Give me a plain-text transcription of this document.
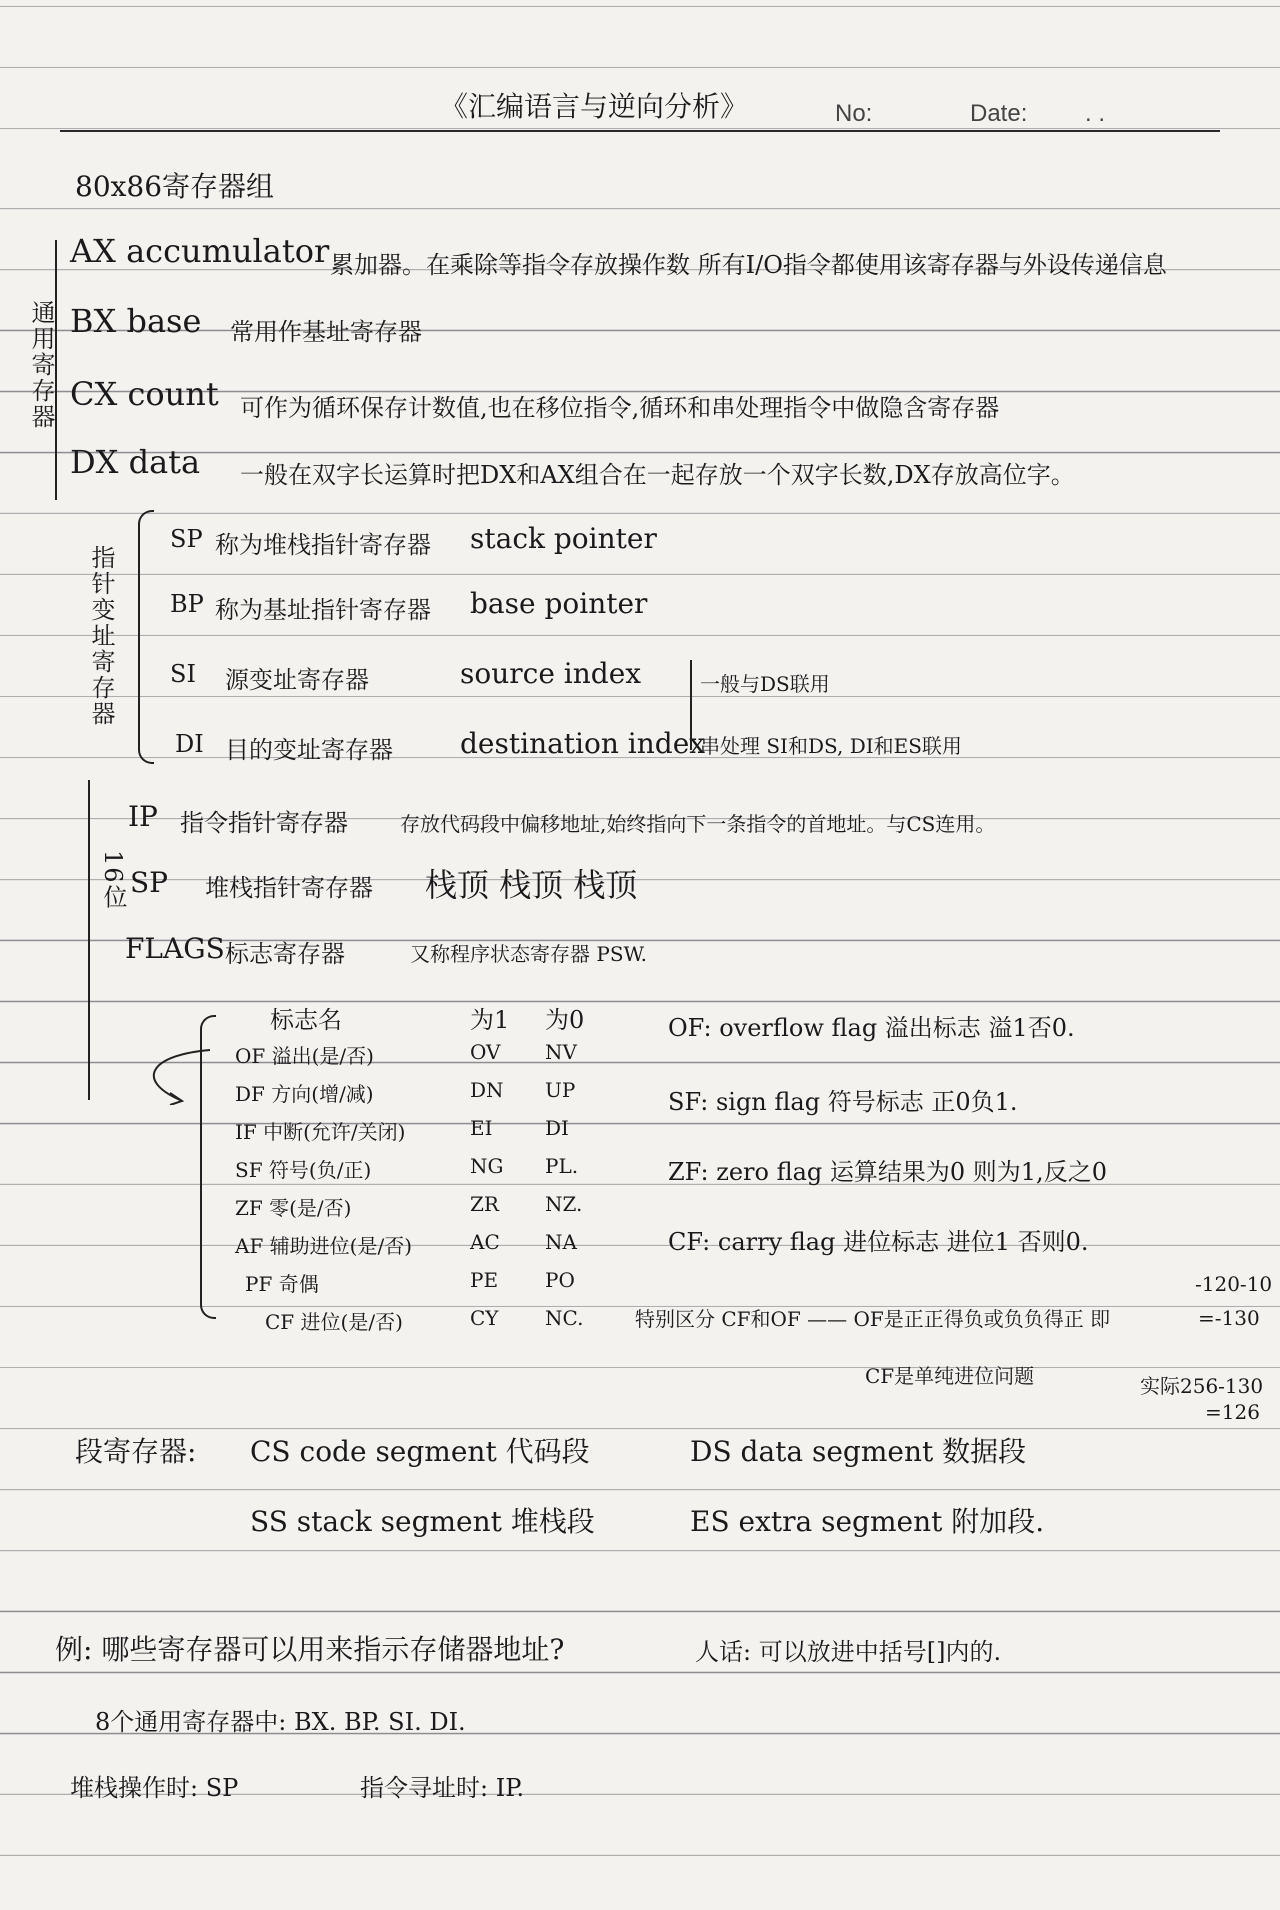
《汇编语言与逆向分析》	No:	Date: . .
80x86寄存器组
通用寄存器
AX accumulator 累加器。在乘除等指令存放操作数 所有I/O指令都使用该寄存器与外设传递信息
BX base 常用作基址寄存器
CX count 可作为循环保存计数值,也在移位指令,循环和串处理指令中做隐含寄存器
DX data 一般在双字长运算时把DX和AX组合在一起存放一个双字长数,DX存放高位字。
指针变址寄存器
SP 称为堆栈指针寄存器 stack pointer
BP 称为基址指针寄存器 base pointer
SI 源变址寄存器	source index
DI 目的变址寄存器 destination index
一般与DS联用
串处理 SI和DS, DI和ES联用
16位
IP 指令指针寄存器	存放代码段中偏移地址,始终指向下一条指令的首地址。与CS连用。
SP 堆栈指针寄存器 栈顶 栈顶 栈顶
FLAGS 标志寄存器	又称程序状态寄存器 PSW.
标志名	为1 为0
OF 溢出(是/否)	OV NV
DF 方向(增/减)	DN UP
IF 中断(允许/关闭)	EI	DI
SF 符号(负/正)	NG PL.
ZF 零(是/否)	ZR NZ.
AF 辅助进位(是/否)	AC NA
PF 奇偶	PE PO
CF 进位(是/否)	CY NC.
OF: overflow flag 溢出标志 溢1否0.
SF: sign flag 符号标志 正0负1.
ZF: zero flag 运算结果为0 则为1,反之0
CF: carry flag 进位标志 进位1 否则0.
特别区分 CF和OF —— OF是正正得负或负负得正 即
CF是单纯进位问题
-120-10
=-130
实际256-130
=126
段寄存器: CS code segment 代码段	DS data segment 数据段
SS stack segment 堆栈段	ES extra segment 附加段.
例: 哪些寄存器可以用来指示存储器地址?	人话: 可以放进中括号[]内的.
8个通用寄存器中: BX. BP. SI. DI.
堆栈操作时: SP	指令寻址时: IP.
